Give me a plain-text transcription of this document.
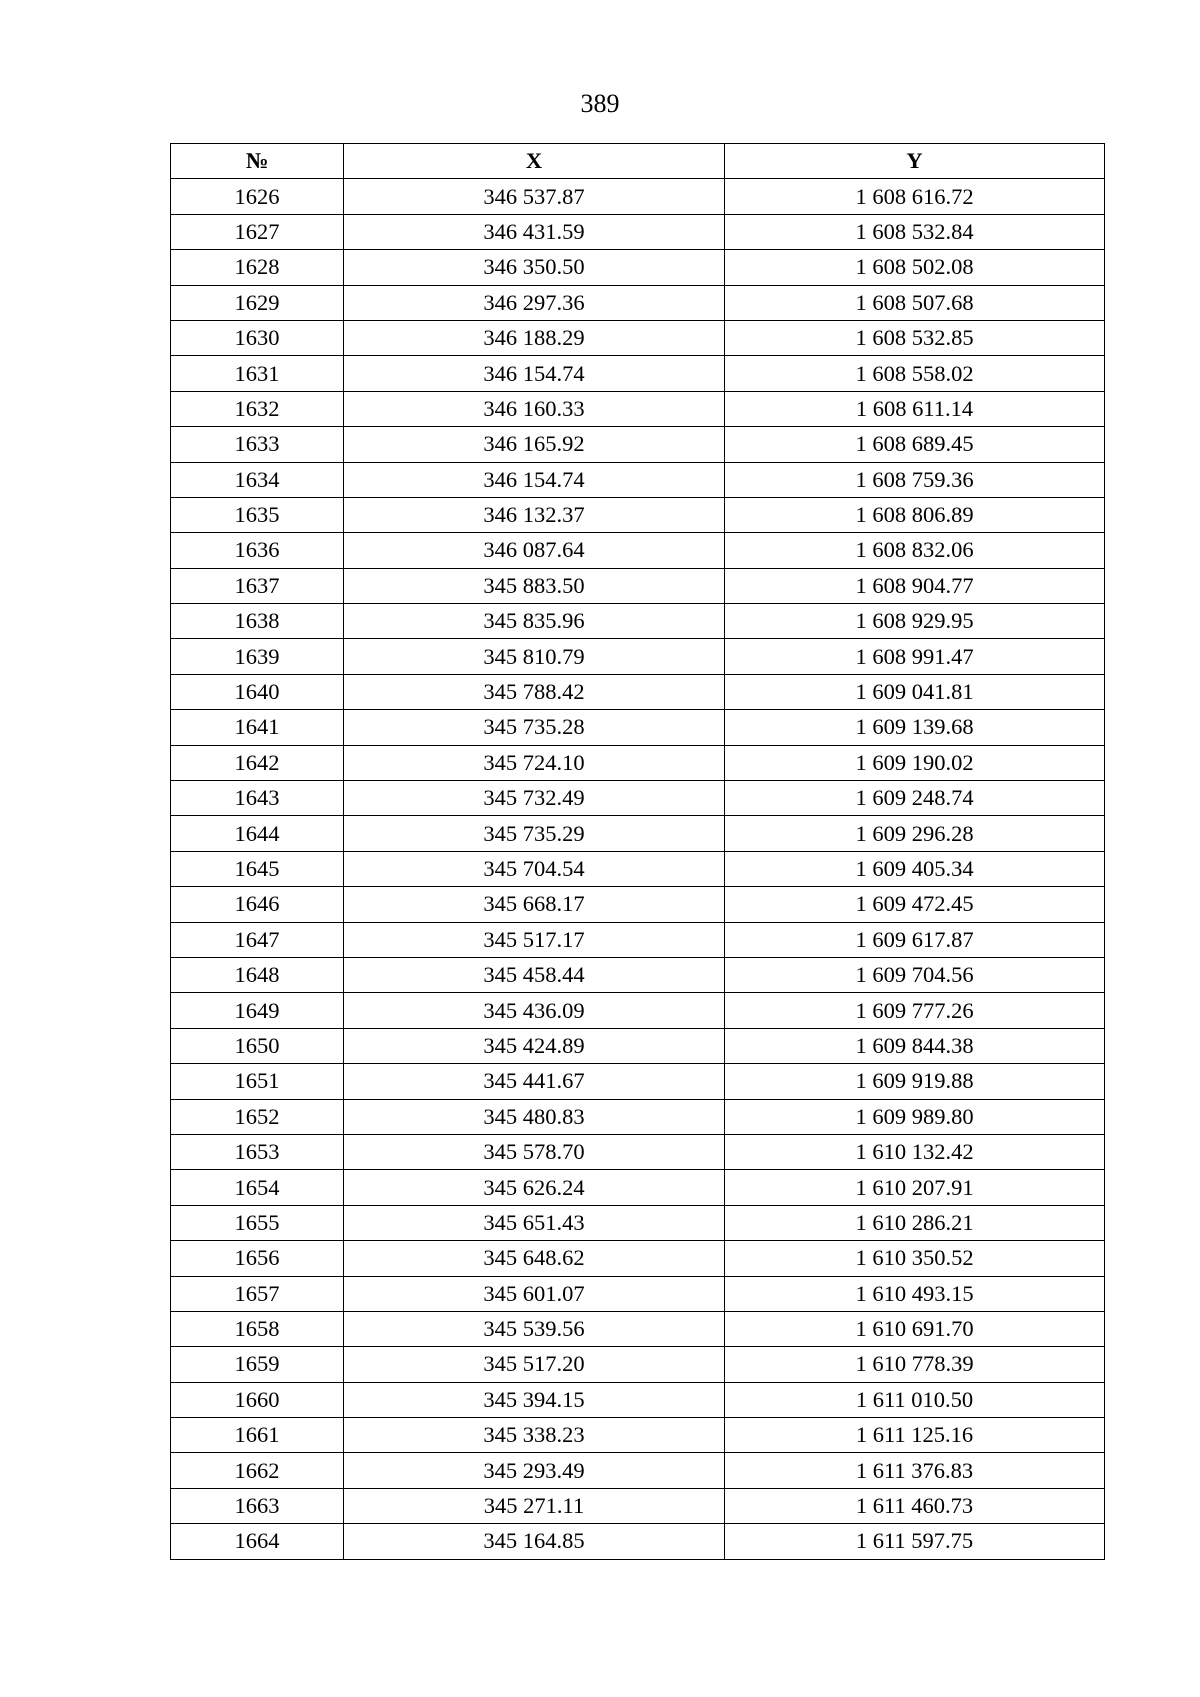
389
№	X	Y
1626	346 537.87	1 608 616.72
1627	346 431.59	1 608 532.84
1628	346 350.50	1 608 502.08
1629	346 297.36	1 608 507.68
1630	346 188.29	1 608 532.85
1631	346 154.74	1 608 558.02
1632	346 160.33	1 608 611.14
1633	346 165.92	1 608 689.45
1634	346 154.74	1 608 759.36
1635	346 132.37	1 608 806.89
1636	346 087.64	1 608 832.06
1637	345 883.50	1 608 904.77
1638	345 835.96	1 608 929.95
1639	345 810.79	1 608 991.47
1640	345 788.42	1 609 041.81
1641	345 735.28	1 609 139.68
1642	345 724.10	1 609 190.02
1643	345 732.49	1 609 248.74
1644	345 735.29	1 609 296.28
1645	345 704.54	1 609 405.34
1646	345 668.17	1 609 472.45
1647	345 517.17	1 609 617.87
1648	345 458.44	1 609 704.56
1649	345 436.09	1 609 777.26
1650	345 424.89	1 609 844.38
1651	345 441.67	1 609 919.88
1652	345 480.83	1 609 989.80
1653	345 578.70	1 610 132.42
1654	345 626.24	1 610 207.91
1655	345 651.43	1 610 286.21
1656	345 648.62	1 610 350.52
1657	345 601.07	1 610 493.15
1658	345 539.56	1 610 691.70
1659	345 517.20	1 610 778.39
1660	345 394.15	1 611 010.50
1661	345 338.23	1 611 125.16
1662	345 293.49	1 611 376.83
1663	345 271.11	1 611 460.73
1664	345 164.85	1 611 597.75
